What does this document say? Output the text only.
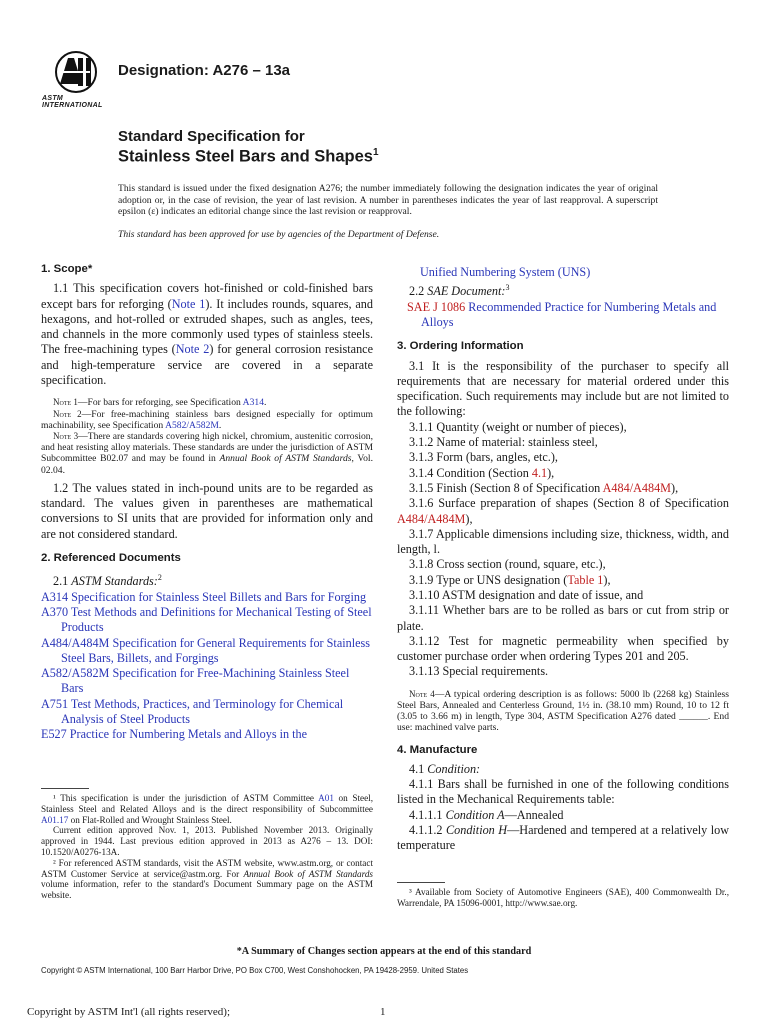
ASTM INTERNATIONAL
Designation: A276 – 13a
Standard Specification for
Stainless Steel Bars and Shapes$^1$
This standard is issued under the fixed designation A276; the number immediately following the designation indicates the year of original adoption or, in the case of revision, the year of last revision. A number in parentheses indicates the year of last reapproval. A superscript epsilon (ε) indicates an editorial change since the last revision or reapproval.
This standard has been approved for use by agencies of the Department of Defense.
1. Scope*

1.1 This specification covers hot-finished or cold-finished bars except bars for reforging (Note 1). It includes rounds, squares, and hexagons, and hot-rolled or extruded shapes, such as angles, tees, and channels in the more commonly used types of stainless steels. The free-machining types (Note 2) for general corrosion resistance and high-temperature service are covered in a separate specification.

Note 1—For bars for reforging, see Specification A314.

Note 2—For free-machining stainless bars designed especially for optimum machinability, see Specification A582/A582M.

Note 3—There are standards covering high nickel, chromium, austenitic corrosion, and heat resisting alloy materials. These standards are under the jurisdiction of ASTM Subcommittee B02.07 and may be found in Annual Book of ASTM Standards, Vol. 02.04.

1.2 The values stated in inch-pound units are to be regarded as standard. The values given in parentheses are mathematical conversions to SI units that are provided for information only and are not considered standard.

2. Referenced Documents

2.1 ASTM Standards:$^2$

A314 Specification for Stainless Steel Billets and Bars for Forging

A370 Test Methods and Definitions for Mechanical Testing of Steel Products

A484/A484M Specification for General Requirements for Stainless Steel Bars, Billets, and Forgings

A582/A582M Specification for Free-Machining Stainless Steel Bars

A751 Test Methods, Practices, and Terminology for Chemical Analysis of Steel Products

E527 Practice for Numbering Metals and Alloys in the

¹ This specification is under the jurisdiction of ASTM Committee A01 on Steel, Stainless Steel and Related Alloys and is the direct responsibility of Subcommittee A01.17 on Flat-Rolled and Wrought Stainless Steel.

Current edition approved Nov. 1, 2013. Published November 2013. Originally approved in 1944. Last previous edition approved in 2013 as A276 – 13. DOI: 10.1520/A0276-13A.

² For referenced ASTM standards, visit the ASTM website, www.astm.org, or contact ASTM Customer Service at service@astm.org. For Annual Book of ASTM Standards volume information, refer to the standard's Document Summary page on the ASTM website.

Unified Numbering System (UNS)

2.2 SAE Document:$^3$

SAE J 1086 Recommended Practice for Numbering Metals and Alloys

3. Ordering Information

3.1 It is the responsibility of the purchaser to specify all requirements that are necessary for material ordered under this specification. Such requirements may include but are not limited to the following:

3.1.1 Quantity (weight or number of pieces),

3.1.2 Name of material: stainless steel,

3.1.3 Form (bars, angles, etc.),

3.1.4 Condition (Section 4.1),

3.1.5 Finish (Section 8 of Specification A484/A484M),

3.1.6 Surface preparation of shapes (Section 8 of Specification A484/A484M),

3.1.7 Applicable dimensions including size, thickness, width, and length, l.

3.1.8 Cross section (round, square, etc.),

3.1.9 Type or UNS designation (Table 1),

3.1.10 ASTM designation and date of issue, and

3.1.11 Whether bars are to be rolled as bars or cut from strip or plate.

3.1.12 Test for magnetic permeability when specified by customer purchase order when ordering Types 201 and 205.

3.1.13 Special requirements.

Note 4—A typical ordering description is as follows: 5000 lb (2268 kg) Stainless Steel Bars, Annealed and Centerless Ground, 1½ in. (38.10 mm) Round, 10 to 12 ft (3.05 to 3.66 m) in length, Type 304, ASTM Specification A276 dated ______. End use: machined valve parts.

4. Manufacture

4.1 Condition:

4.1.1 Bars shall be furnished in one of the following conditions listed in the Mechanical Requirements table:

4.1.1.1 Condition A—Annealed

4.1.1.2 Condition H—Hardened and tempered at a relatively low temperature

³ Available from Society of Automotive Engineers (SAE), 400 Commonwealth Dr., Warrendale, PA 15096-0001, http://www.sae.org.

*A Summary of Changes section appears at the end of this standard
Copyright © ASTM International, 100 Barr Harbor Drive, PO Box C700, West Conshohocken, PA 19428-2959. United States
Copyright by ASTM Int'l (all rights reserved);	1
